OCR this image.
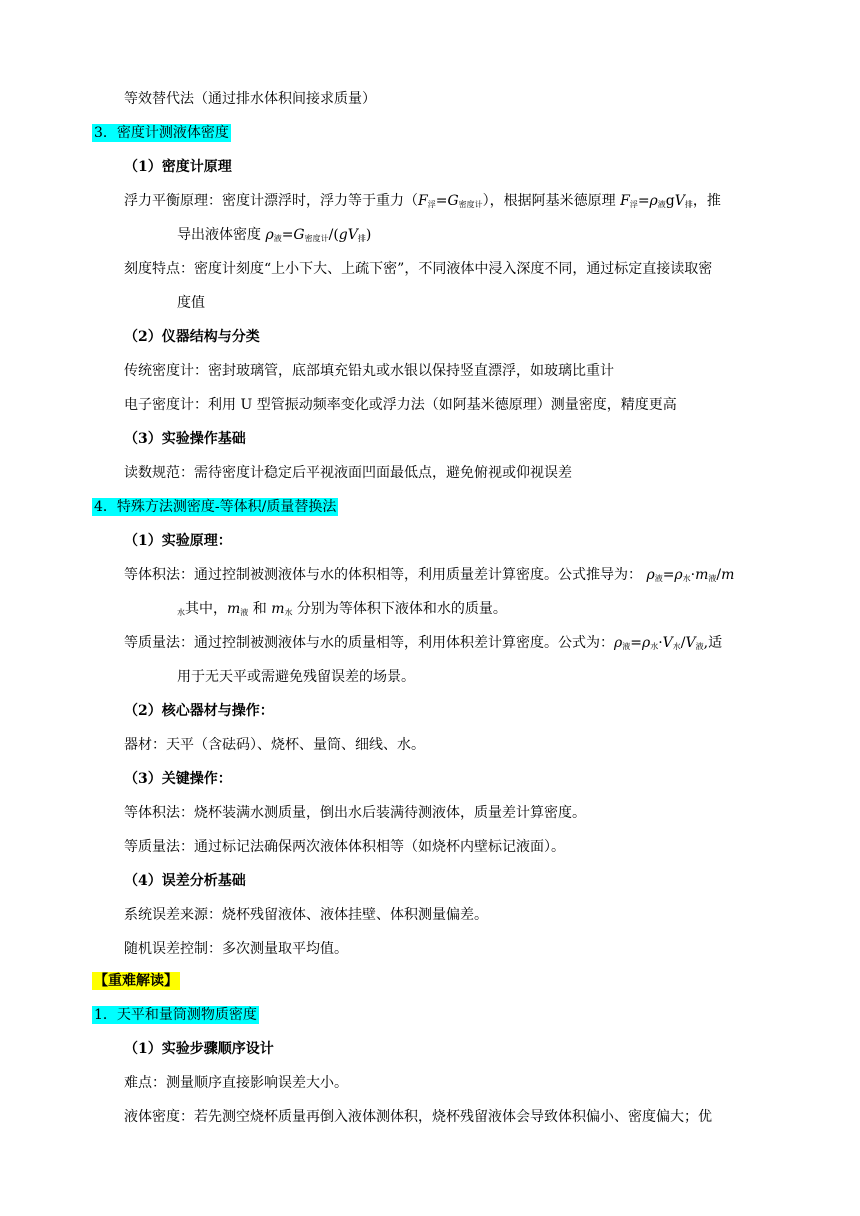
等效替代法（通过排水体积间接求质量）
3．密度计测液体密度
（1）密度计原理
浮力平衡原理：密度计漂浮时，浮力等于重力$(F_浮=G_{密度计})$，根据阿基米德原理 $F_浮=\rho_液gV_排$，推
导出液体密度 $\rho_液=G_{密度计}/(gV_排)$
刻度特点：密度计刻度“上小下大、上疏下密”，不同液体中浸入深度不同，通过标定直接读取密
度值
（2）仪器结构与分类
传统密度计：密封玻璃管，底部填充铅丸或水银以保持竖直漂浮，如玻璃比重计
电子密度计：利用 U 型管振动频率变化或浮力法（如阿基米德原理）测量密度，精度更高
（3）实验操作基础
读数规范：需待密度计稳定后平视液面凹面最低点，避免俯视或仰视误差
4．特殊方法测密度-等体积/质量替换法
（1）实验原理：
等体积法：通过控制被测液体与水的体积相等，利用质量差计算密度。公式推导为： $\rho_液=\rho_水\cdot m_液/m$
$_水$其中，$m_液$ 和 $m_水$ 分别为等体积下液体和水的质量。
等质量法：通过控制被测液体与水的质量相等，利用体积差计算密度。公式为：$\rho_液=\rho_水\cdot V_水/V_液$,适
用于无天平或需避免残留误差的场景。
（2）核心器材与操作：
器材：天平（含砝码）、烧杯、量筒、细线、水。
（3）关键操作：
等体积法：烧杯装满水测质量，倒出水后装满待测液体，质量差计算密度。
等质量法：通过标记法确保两次液体体积相等（如烧杯内壁标记液面）。
（4）误差分析基础
系统误差来源：烧杯残留液体、液体挂壁、体积测量偏差。
随机误差控制：多次测量取平均值。
【重难解读】
1．天平和量筒测物质密度
（1）实验步骤顺序设计
难点：测量顺序直接影响误差大小。
液体密度：若先测空烧杯质量再倒入液体测体积，烧杯残留液体会导致体积偏小、密度偏大；优
